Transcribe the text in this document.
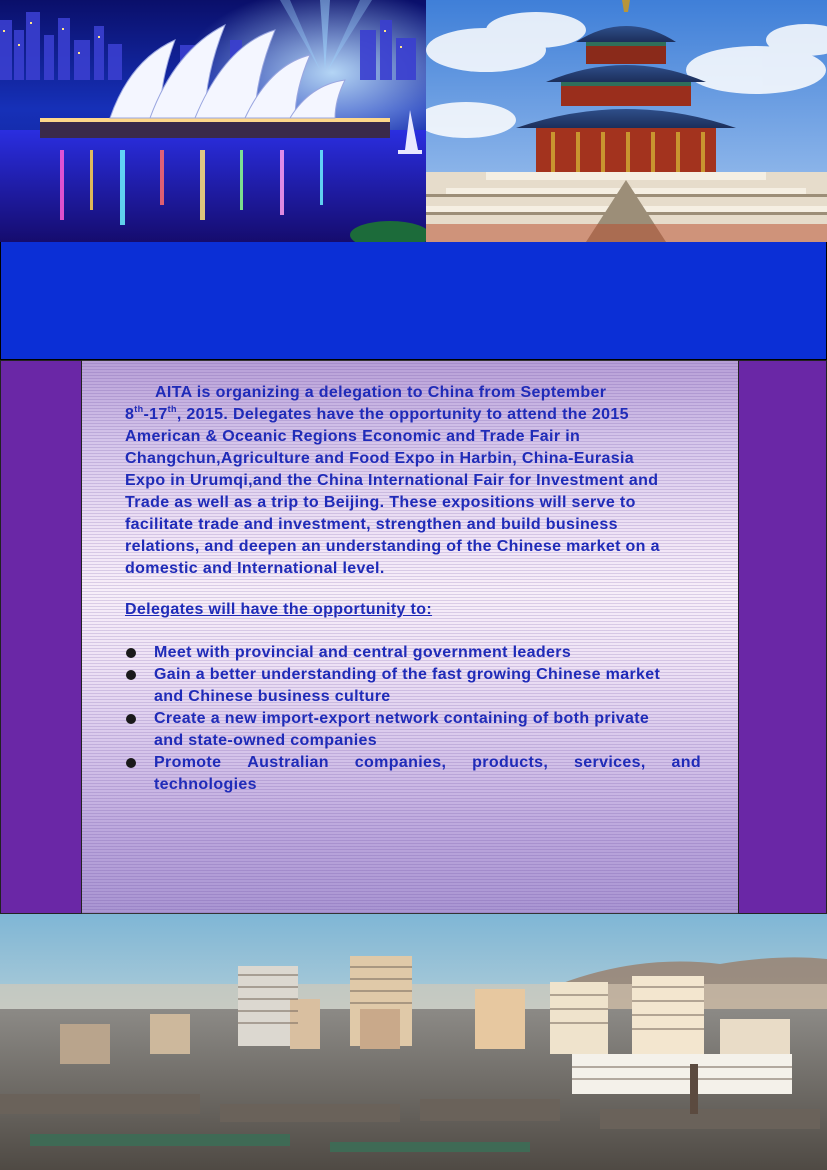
AITA is organizing a delegation to China from September
8th-17th, 2015. Delegates have the opportunity to attend the 2015
American & Oceanic Regions Economic and Trade Fair in
Changchun,Agriculture and Food Expo in Harbin, China-Eurasia
Expo in Urumqi,and the China International Fair for Investment and
Trade as well as a trip to Beijing. These expositions will serve to
facilitate trade and investment, strengthen and build business
relations, and deepen an understanding of the Chinese market on a
domestic and International level.

Delegates will have the opportunity to:
Meet with provincial and central government leaders
Gain a better understanding of the fast growing Chinese market
and Chinese business culture
Create a new import-export network containing of both private
and state-owned companies
Promote Australian companies, products, services, and
technologies
